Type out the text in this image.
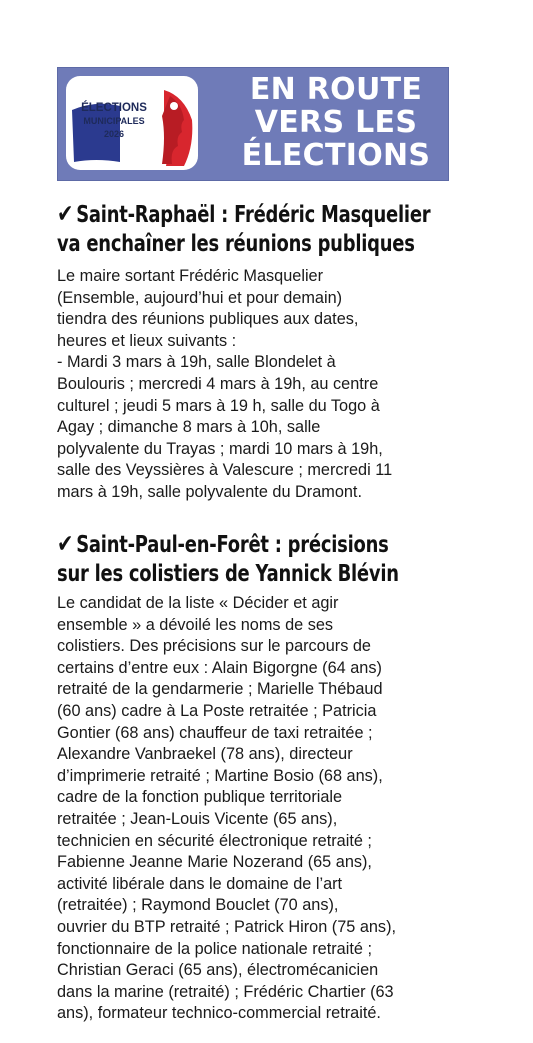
ÉLECTIONS
MUNICIPALES
2026
EN ROUTE
VERS LES
ÉLECTIONS
✔ Saint-Raphaël : Frédéric Masquelier
va enchaîner les réunions publiques
Le maire sortant Frédéric Masquelier
(Ensemble, aujourd’hui et pour demain)
tiendra des réunions publiques aux dates,
heures et lieux suivants :
- Mardi 3 mars à 19h, salle Blondelet à
Boulouris ; mercredi 4 mars à 19h, au centre
culturel ; jeudi 5 mars à 19 h, salle du Togo à
Agay ; dimanche 8 mars à 10h, salle
polyvalente du Trayas ; mardi 10 mars à 19h,
salle des Veyssières à Valescure ; mercredi 11
mars à 19h, salle polyvalente du Dramont.
✔ Saint-Paul-en-Forêt : précisions
sur les colistiers de Yannick Blévin
Le candidat de la liste « Décider et agir
ensemble » a dévoilé les noms de ses
colistiers. Des précisions sur le parcours de
certains d’entre eux : Alain Bigorgne (64 ans)
retraité de la gendarmerie ; Marielle Thébaud
(60 ans) cadre à La Poste retraitée ; Patricia
Gontier (68 ans) chauffeur de taxi retraitée ;
Alexandre Vanbraekel (78 ans), directeur
d’imprimerie retraité ; Martine Bosio (68 ans),
cadre de la fonction publique territoriale
retraitée ; Jean-Louis Vicente (65 ans),
technicien en sécurité électronique retraité ;
Fabienne Jeanne Marie Nozerand (65 ans),
activité libérale dans le domaine de l’art
(retraitée) ; Raymond Bouclet (70 ans),
ouvrier du BTP retraité ; Patrick Hiron (75 ans),
fonctionnaire de la police nationale retraité ;
Christian Geraci (65 ans), électromécanicien
dans la marine (retraité) ; Frédéric Chartier (63
ans), formateur technico-commercial retraité.
